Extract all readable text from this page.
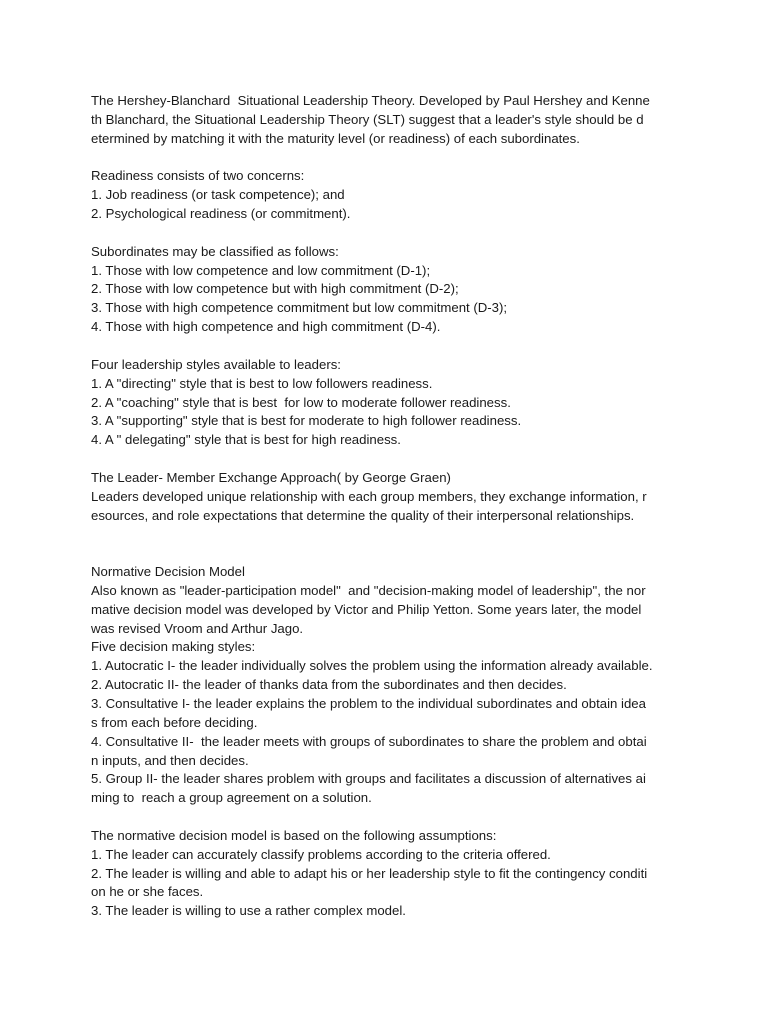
The Hershey-Blanchard  Situational Leadership Theory. Developed by Paul Hershey and Kenne
th Blanchard, the Situational Leadership Theory (SLT) suggest that a leader's style should be d
etermined by matching it with the maturity level (or readiness) of each subordinates.
Readiness consists of two concerns:
1. Job readiness (or task competence); and
2. Psychological readiness (or commitment).
Subordinates may be classified as follows:
1. Those with low competence and low commitment (D-1);
2. Those with low competence but with high commitment (D-2);
3. Those with high competence commitment but low commitment (D-3);
4. Those with high competence and high commitment (D-4).
Four leadership styles available to leaders:
1. A "directing" style that is best to low followers readiness.
2. A "coaching" style that is best  for low to moderate follower readiness.
3. A "supporting" style that is best for moderate to high follower readiness.
4. A " delegating" style that is best for high readiness.
The Leader- Member Exchange Approach( by George Graen)
Leaders developed unique relationship with each group members, they exchange information, r
esources, and role expectations that determine the quality of their interpersonal relationships.
Normative Decision Model
Also known as "leader-participation model"  and "decision-making model of leadership", the nor
mative decision model was developed by Victor and Philip Yetton. Some years later, the model
was revised Vroom and Arthur Jago.
Five decision making styles:
1. Autocratic I- the leader individually solves the problem using the information already available.
2. Autocratic II- the leader of thanks data from the subordinates and then decides.
3. Consultative I- the leader explains the problem to the individual subordinates and obtain idea
s from each before deciding.
4. Consultative II-  the leader meets with groups of subordinates to share the problem and obtai
n inputs, and then decides.
5. Group II- the leader shares problem with groups and facilitates a discussion of alternatives ai
ming to  reach a group agreement on a solution.
The normative decision model is based on the following assumptions:
1. The leader can accurately classify problems according to the criteria offered.
2. The leader is willing and able to adapt his or her leadership style to fit the contingency conditi
on he or she faces.
3. The leader is willing to use a rather complex model.
